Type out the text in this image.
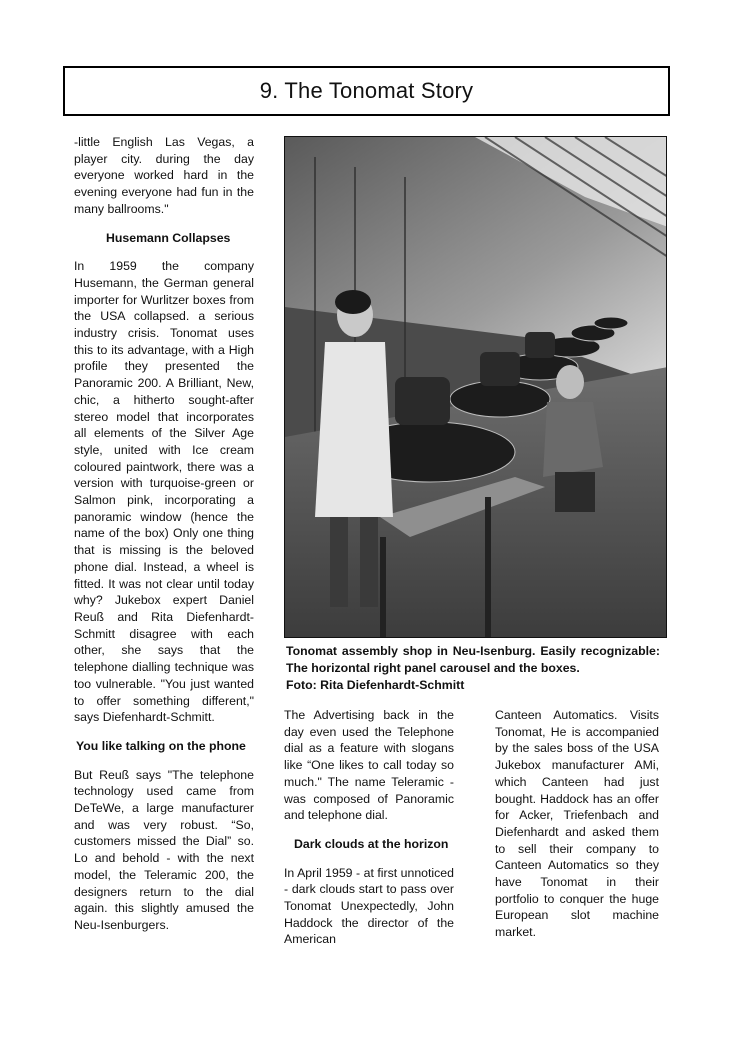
9. The Tonomat Story

-little English Las Vegas, a player city. during the day everyone worked hard in the evening everyone had fun in the many ballrooms."

Husemann Collapses

In 1959 the company Husemann, the German general importer for Wurlitzer boxes from the USA collapsed. a serious industry crisis. Tonomat uses this to its advantage, with a High profile they presented the Panoramic 200. A Brilliant, New, chic, a hitherto sought-after stereo model that incorporates all elements of the Silver Age style, united with Ice cream coloured paintwork, there was a version with turquoise-green or Salmon pink, incorporating a panoramic window (hence the name of the box) Only one thing that is missing is the beloved phone dial. Instead, a wheel is fitted. It was not clear until today why? Jukebox expert Daniel Reuß and Rita Diefenhardt-Schmitt disagree with each other, she says that the telephone dialling technique was too vulnerable. "You just wanted to offer something different," says Diefenhardt-Schmitt.

You like talking on the phone

But Reuß says "The telephone technology used came from DeTeWe, a large manufacturer and was very robust. “So, customers missed the Dial” so. Lo and behold - with the next model, the Teleramic 200, the designers return to the dial again. this slightly amused the Neu-Isenburgers.

Tonomat assembly shop in Neu-Isenburg. Easily recognizable: The horizontal right panel carousel and the boxes.
Foto: Rita Diefenhardt-Schmitt

The Advertising back in the day even used the Telephone dial as a feature with slogans like “One likes to call today so much." The name Teleramic - was composed of Panoramic and telephone dial.

Dark clouds at the horizon

In April 1959 - at first unnoticed - dark clouds start to pass over Tonomat Unexpectedly, John Haddock the director of the American

Canteen Automatics. Visits Tonomat, He is accompanied by the sales boss of the USA Jukebox manufacturer AMi, which Canteen had just bought. Haddock has an offer for Acker, Triefenbach and Diefenhardt and asked them to sell their company to Canteen Automatics so they have Tonomat in their portfolio to conquer the huge European slot machine market.
